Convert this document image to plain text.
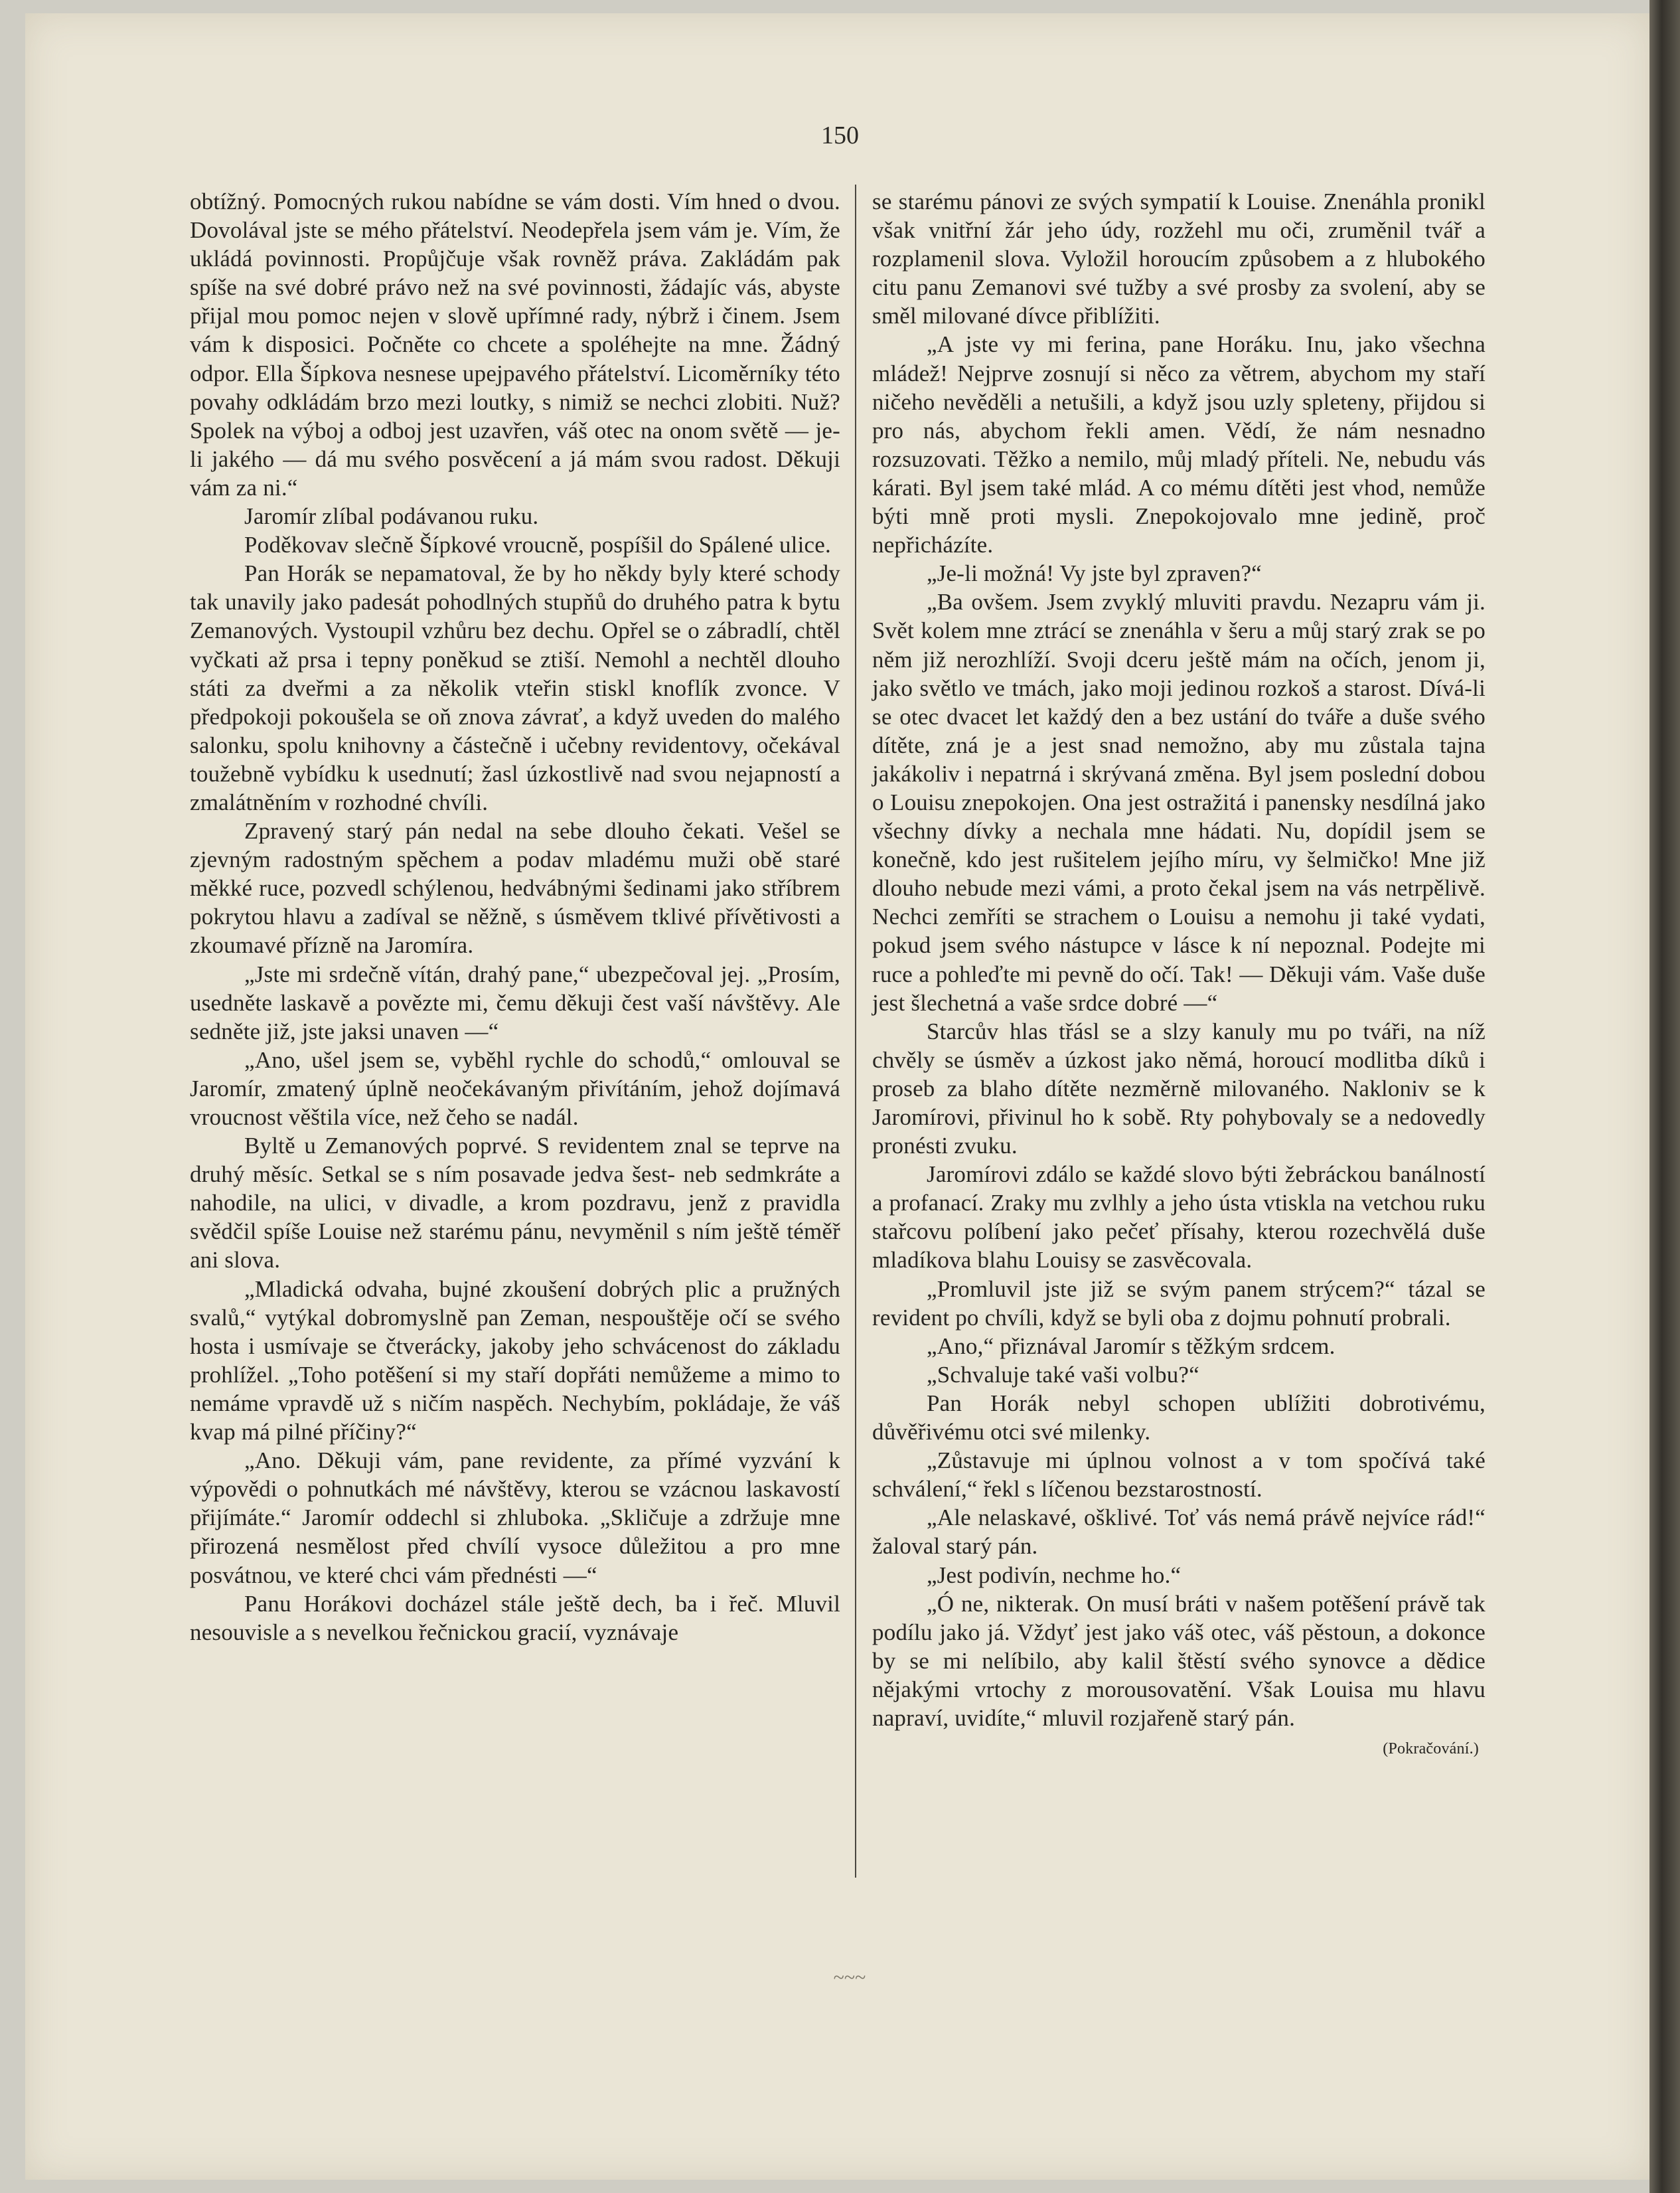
150

obtížný. Pomocných rukou nabídne se vám dosti. Vím hned o dvou. Dovolával jste se mého přátelství. Neodepřela jsem vám je. Vím, že ukládá povinnosti. Propůjčuje však rovněž práva. Zakládám pak spíše na své dobré právo než na své povinnosti, žádajíc vás, abyste přijal mou pomoc nejen v slově upřímné rady, nýbrž i činem. Jsem vám k disposici. Počněte co chcete a spoléhejte na mne. Žádný odpor. Ella Šípkova nesnese upejpavého přátelství. Licoměrníky této povahy odkládám brzo mezi loutky, s nimiž se nechci zlobiti. Nuž? Spolek na výboj a odboj jest uzavřen, váš otec na onom světě — je-li jakého — dá mu svého posvěcení a já mám svou radost. Děkuji vám za ni.“

Jaromír zlíbal podávanou ruku.

Poděkovav slečně Šípkové vroucně, pospíšil do Spálené ulice.

Pan Horák se nepamatoval, že by ho někdy byly které schody tak unavily jako padesát pohodlných stupňů do druhého patra k bytu Zemanových. Vystoupil vzhůru bez dechu. Opřel se o zábradlí, chtěl vyčkati až prsa i tepny poněkud se ztiší. Nemohl a nechtěl dlouho státi za dveřmi a za několik vteřin stiskl knoflík zvonce. V předpokoji pokoušela se oň znova závrať, a když uveden do malého salonku, spolu knihovny a částečně i učebny revidentovy, očekával toužebně vybídku k usednutí; žasl úzkostlivě nad svou nejapností a zmalátněním v rozhodné chvíli.

Zpravený starý pán nedal na sebe dlouho čekati. Vešel se zjevným radostným spěchem a podav mladému muži obě staré měkké ruce, pozvedl schýlenou, hedvábnými šedinami jako stříbrem pokrytou hlavu a zadíval se něžně, s úsměvem tklivé přívětivosti a zkoumavé přízně na Jaromíra.

„Jste mi srdečně vítán, drahý pane,“ ubezpečoval jej. „Prosím, usedněte laskavě a povězte mi, čemu děkuji čest vaší návštěvy. Ale sedněte již, jste jaksi unaven —“

„Ano, ušel jsem se, vyběhl rychle do schodů,“ omlouval se Jaromír, zmatený úplně neočekávaným přivítáním, jehož dojímavá vroucnost věštila více, než čeho se nadál.

Byltě u Zemanových poprvé. S revidentem znal se teprve na druhý měsíc. Setkal se s ním posavade jedva šest- neb sedmkráte a nahodile, na ulici, v divadle, a krom pozdravu, jenž z pravidla svědčil spíše Louise než starému pánu, nevyměnil s ním ještě téměř ani slova.

„Mladická odvaha, bujné zkoušení dobrých plic a pružných svalů,“ vytýkal dobromyslně pan Zeman, nespouštěje očí se svého hosta i usmívaje se čtverácky, jakoby jeho schvácenost do základu prohlížel. „Toho potěšení si my staří dopřáti nemůžeme a mimo to nemáme vpravdě už s ničím naspěch. Nechybím, pokládaje, že váš kvap má pilné příčiny?“

„Ano. Děkuji vám, pane revidente, za přímé vyzvání k výpovědi o pohnutkách mé návštěvy, kterou se vzácnou laskavostí přijímáte.“ Jaromír oddechl si zhluboka. „Skličuje a zdržuje mne přirozená nesmělost před chvílí vysoce důležitou a pro mne posvátnou, ve které chci vám přednésti —“

Panu Horákovi docházel stále ještě dech, ba i řeč. Mluvil nesouvisle a s nevelkou řečnickou gracií, vyznávaje

se starému pánovi ze svých sympatií k Louise. Znenáhla pronikl však vnitřní žár jeho údy, rozžehl mu oči, zruměnil tvář a rozplamenil slova. Vyložil horoucím způsobem a z hlubokého citu panu Zemanovi své tužby a své prosby za svolení, aby se směl milované dívce přiblížiti.

„A jste vy mi ferina, pane Horáku. Inu, jako všechna mládež! Nejprve zosnují si něco za větrem, abychom my staří ničeho nevěděli a netušili, a když jsou uzly spleteny, přijdou si pro nás, abychom řekli amen. Vědí, že nám nesnadno rozsuzovati. Těžko a nemilo, můj mladý příteli. Ne, nebudu vás kárati. Byl jsem také mlád. A co mému dítěti jest vhod, nemůže býti mně proti mysli. Znepokojovalo mne jedině, proč nepřicházíte.

„Je-li možná! Vy jste byl zpraven?“

„Ba ovšem. Jsem zvyklý mluviti pravdu. Nezapru vám ji. Svět kolem mne ztrácí se znenáhla v šeru a můj starý zrak se po něm již nerozhlíží. Svoji dceru ještě mám na očích, jenom ji, jako světlo ve tmách, jako moji jedinou rozkoš a starost. Dívá-li se otec dvacet let každý den a bez ustání do tváře a duše svého dítěte, zná je a jest snad nemožno, aby mu zůstala tajna jakákoliv i nepatrná i skrývaná změna. Byl jsem poslední dobou o Louisu znepokojen. Ona jest ostražitá i panensky nesdílná jako všechny dívky a nechala mne hádati. Nu, dopídil jsem se konečně, kdo jest rušitelem jejího míru, vy šelmičko! Mne již dlouho nebude mezi vámi, a proto čekal jsem na vás netrpělivě. Nechci zemříti se strachem o Louisu a nemohu ji také vydati, pokud jsem svého nástupce v lásce k ní nepoznal. Podejte mi ruce a pohleďte mi pevně do očí. Tak! — Děkuji vám. Vaše duše jest šlechetná a vaše srdce dobré —“

Starcův hlas třásl se a slzy kanuly mu po tváři, na níž chvěly se úsměv a úzkost jako němá, horoucí modlitba díků i proseb za blaho dítěte nezměrně milovaného. Nakloniv se k Jaromírovi, přivinul ho k sobě. Rty pohybovaly se a nedovedly pronésti zvuku.

Jaromírovi zdálo se každé slovo býti žebráckou banálností a profanací. Zraky mu zvlhly a jeho ústa vtiskla na vetchou ruku stařcovu políbení jako pečeť přísahy, kterou rozechvělá duše mladíkova blahu Louisy se zasvěcovala.

„Promluvil jste již se svým panem strýcem?“ tázal se revident po chvíli, když se byli oba z dojmu pohnutí probrali.

„Ano,“ přiznával Jaromír s těžkým srdcem.

„Schvaluje také vaši volbu?“

Pan Horák nebyl schopen ublížiti dobrotivému, důvěřivému otci své milenky.

„Zůstavuje mi úplnou volnost a v tom spočívá také schválení,“ řekl s líčenou bezstarostností.

„Ale nelaskavé, ošklivé. Toť vás nemá právě nejvíce rád!“ žaloval starý pán.

„Jest podivín, nechme ho.“

„Ó ne, nikterak. On musí bráti v našem potěšení právě tak podílu jako já. Vždyť jest jako váš otec, váš pěstoun, a dokonce by se mi nelíbilo, aby kalil štěstí svého synovce a dědice nějakými vrtochy z morousovatění. Však Louisa mu hlavu napraví, uvidíte,“ mluvil rozjařeně starý pán.

(Pokračování.)

~~~
